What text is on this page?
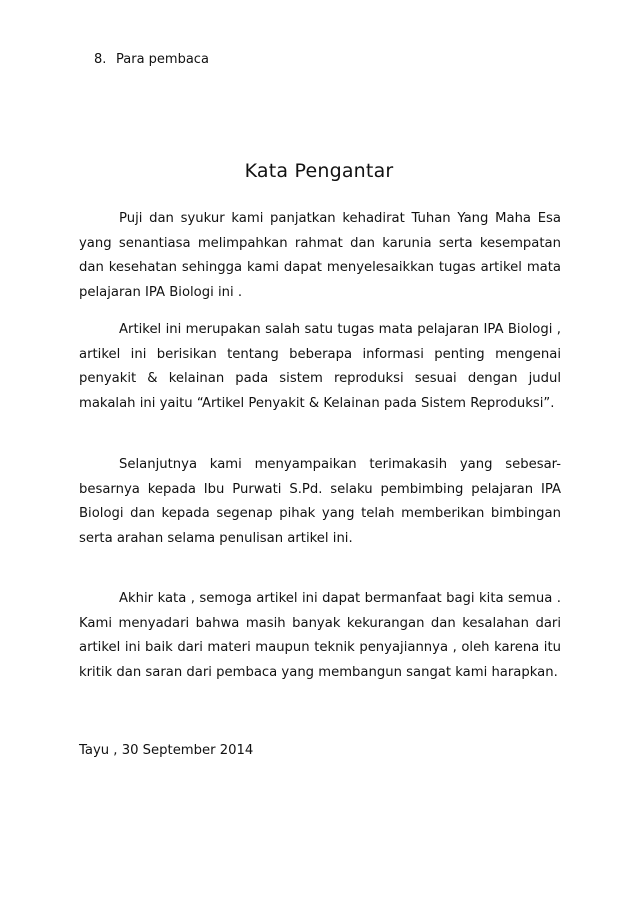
8. Para pembaca
Kata Pengantar

Puji dan syukur kami panjatkan kehadirat Tuhan Yang Maha Esa yang senantiasa melimpahkan rahmat dan karunia serta kesempatan dan kesehatan sehingga kami dapat menyelesaikkan tugas artikel mata pelajaran IPA Biologi ini .

Artikel ini merupakan salah satu tugas mata pelajaran IPA Biologi , artikel ini berisikan tentang beberapa informasi penting mengenai penyakit & kelainan pada sistem reproduksi sesuai dengan judul makalah ini yaitu “Artikel Penyakit & Kelainan pada Sistem Reproduksi”.

Selanjutnya kami menyampaikan terimakasih yang sebesar-besarnya kepada Ibu Purwati S.Pd. selaku pembimbing pelajaran IPA Biologi dan kepada segenap pihak yang telah memberikan bimbingan serta arahan selama penulisan artikel ini.

Akhir kata , semoga artikel ini dapat bermanfaat bagi kita semua . Kami menyadari bahwa masih banyak kekurangan dan kesalahan dari artikel ini baik dari materi maupun teknik penyajiannya , oleh karena itu kritik dan saran dari pembaca yang membangun sangat kami harapkan.

Tayu , 30 September 2014
